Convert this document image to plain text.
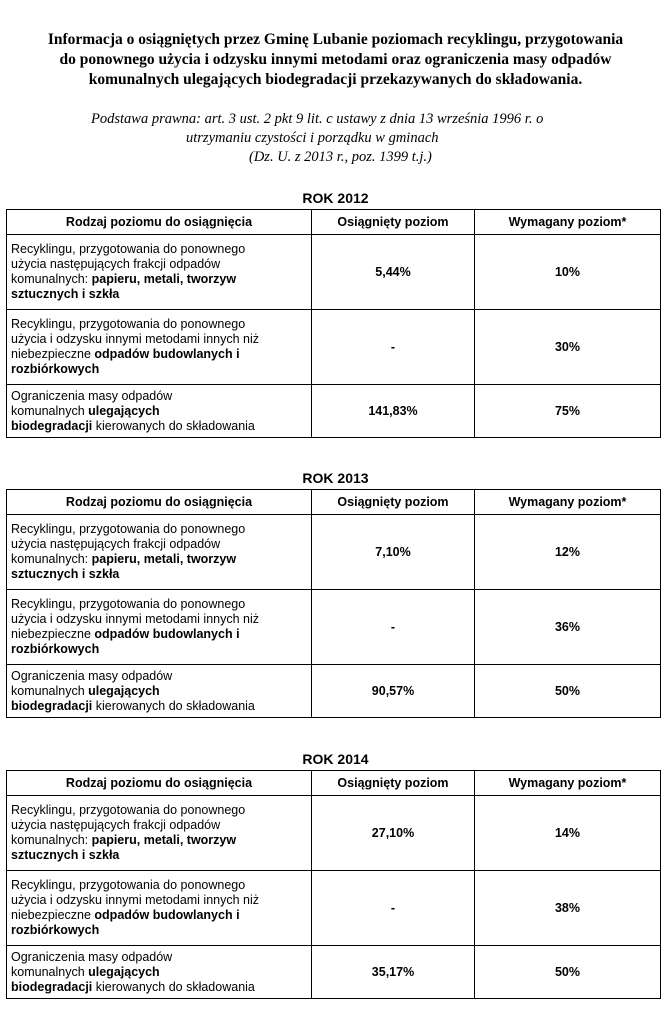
Informacja o osiągniętych przez Gminę Lubanie poziomach recyklingu, przygotowania
do ponownego użycia i odzysku innymi metodami oraz ograniczenia masy odpadów
komunalnych ulegających biodegradacji przekazywanych do składowania.
Podstawa prawna: art. 3 ust. 2 pkt 9 lit. c ustawy z dnia 13 września 1996 r. o
utrzymaniu czystości i porządku w gminach
(Dz. U. z 2013 r., poz. 1399 t.j.)
ROK 2012
Rodzaj poziomu do osiągnięcia	Osiągnięty poziom	Wymagany poziom*
Recyklingu, przygotowania do ponownego
użycia następujących frakcji odpadów
komunalnych: papieru, metali, tworzyw
sztucznych i szkła	5,44%	10%
Recyklingu, przygotowania do ponownego
użycia i odzysku innymi metodami innych niż
niebezpieczne odpadów budowlanych i
rozbiórkowych	-	30%
Ograniczenia masy odpadów
komunalnych ulegających
biodegradacji kierowanych do składowania	141,83%	75%
ROK 2013
Rodzaj poziomu do osiągnięcia	Osiągnięty poziom	Wymagany poziom*
Recyklingu, przygotowania do ponownego
użycia następujących frakcji odpadów
komunalnych: papieru, metali, tworzyw
sztucznych i szkła	7,10%	12%
Recyklingu, przygotowania do ponownego
użycia i odzysku innymi metodami innych niż
niebezpieczne odpadów budowlanych i
rozbiórkowych	-	36%
Ograniczenia masy odpadów
komunalnych ulegających
biodegradacji kierowanych do składowania	90,57%	50%
ROK 2014
Rodzaj poziomu do osiągnięcia	Osiągnięty poziom	Wymagany poziom*
Recyklingu, przygotowania do ponownego
użycia następujących frakcji odpadów
komunalnych: papieru, metali, tworzyw
sztucznych i szkła	27,10%	14%
Recyklingu, przygotowania do ponownego
użycia i odzysku innymi metodami innych niż
niebezpieczne odpadów budowlanych i
rozbiórkowych	-	38%
Ograniczenia masy odpadów
komunalnych ulegających
biodegradacji kierowanych do składowania	35,17%	50%
